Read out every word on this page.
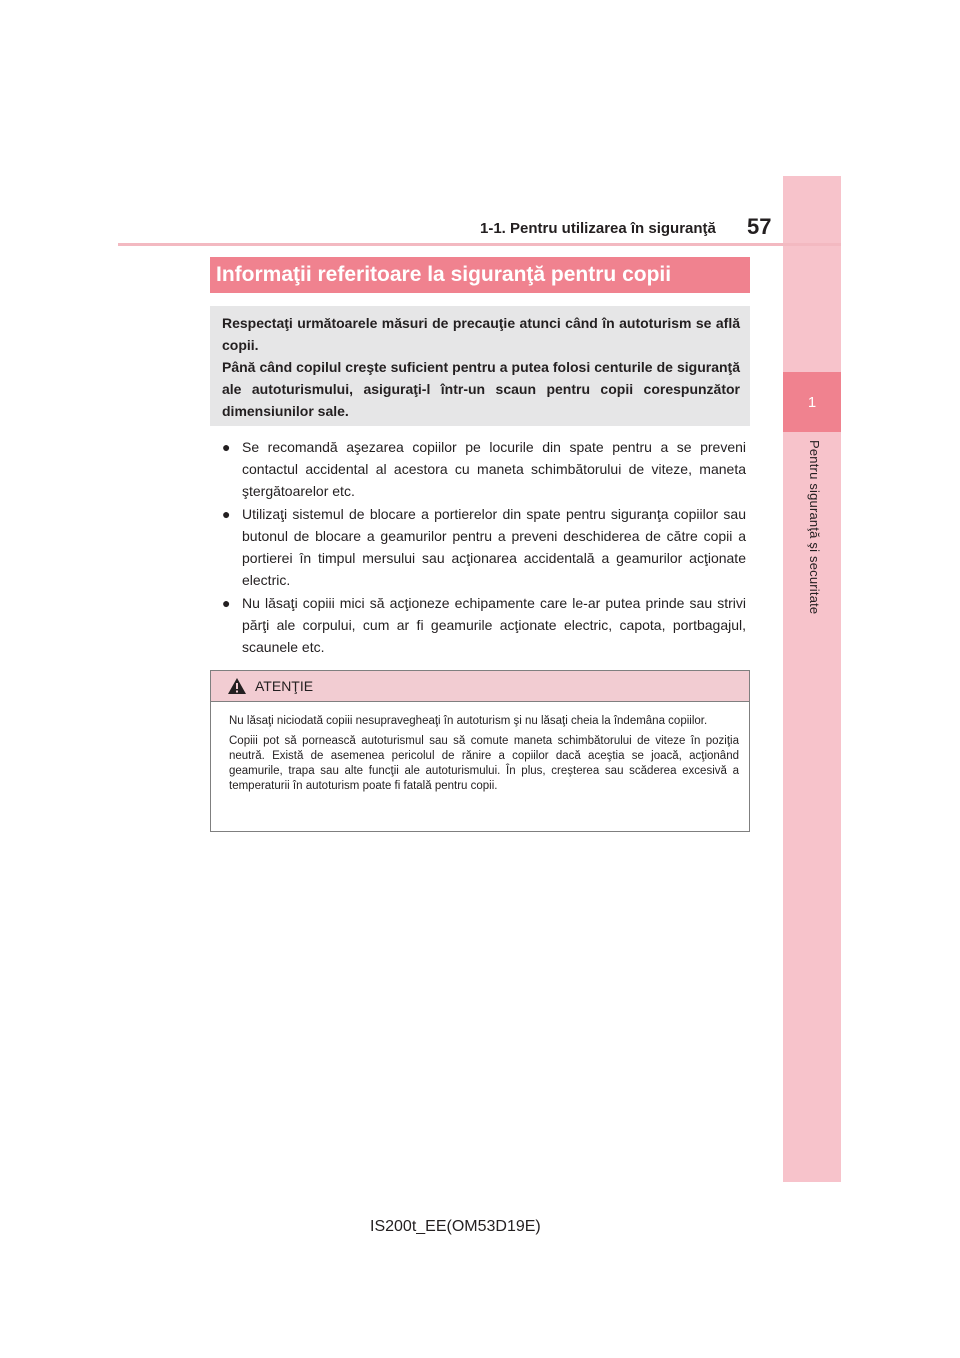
1
Pentru siguranţă şi securitate
1-1. Pentru utilizarea în siguranţă 57
Informaţii referitoare la siguranţă pentru copii

Respectaţi următoarele măsuri de precauţie atunci când în autoturism se află copii.

Până când copilul creşte suficient pentru a putea folosi centurile de siguranţă ale autoturismului, asiguraţi-l într-un scaun pentru copii corespunzător dimensiunilor sale.

● Se recomandă aşezarea copiilor pe locurile din spate pentru a se preveni contactul accidental al acestora cu maneta schimbătorului de viteze, maneta ştergătoarelor etc.
● Utilizaţi sistemul de blocare a portierelor din spate pentru siguranţa copiilor sau butonul de blocare a geamurilor pentru a preveni deschiderea de către copii a portierei în timpul mersului sau acţionarea accidentală a geamurilor acţionate electric.
● Nu lăsaţi copiii mici să acţioneze echipamente care le-ar putea prinde sau strivi părţi ale corpului, cum ar fi geamurile acţionate electric, capota, portbagajul, scaunele etc.
ATENŢIE

Nu lăsaţi niciodată copiii nesupravegheaţi în autoturism şi nu lăsaţi cheia la îndemâna copiilor.

Copiii pot să pornească autoturismul sau să comute maneta schimbătorului de viteze în poziţia neutră. Există de asemenea pericolul de rănire a copiilor dacă aceştia se joacă, acţionând geamurile, trapa sau alte funcţii ale autoturismului. În plus, creşterea sau scăderea excesivă a temperaturii în autoturism poate fi fatală pentru copii.

IS200t_EE(OM53D19E)
